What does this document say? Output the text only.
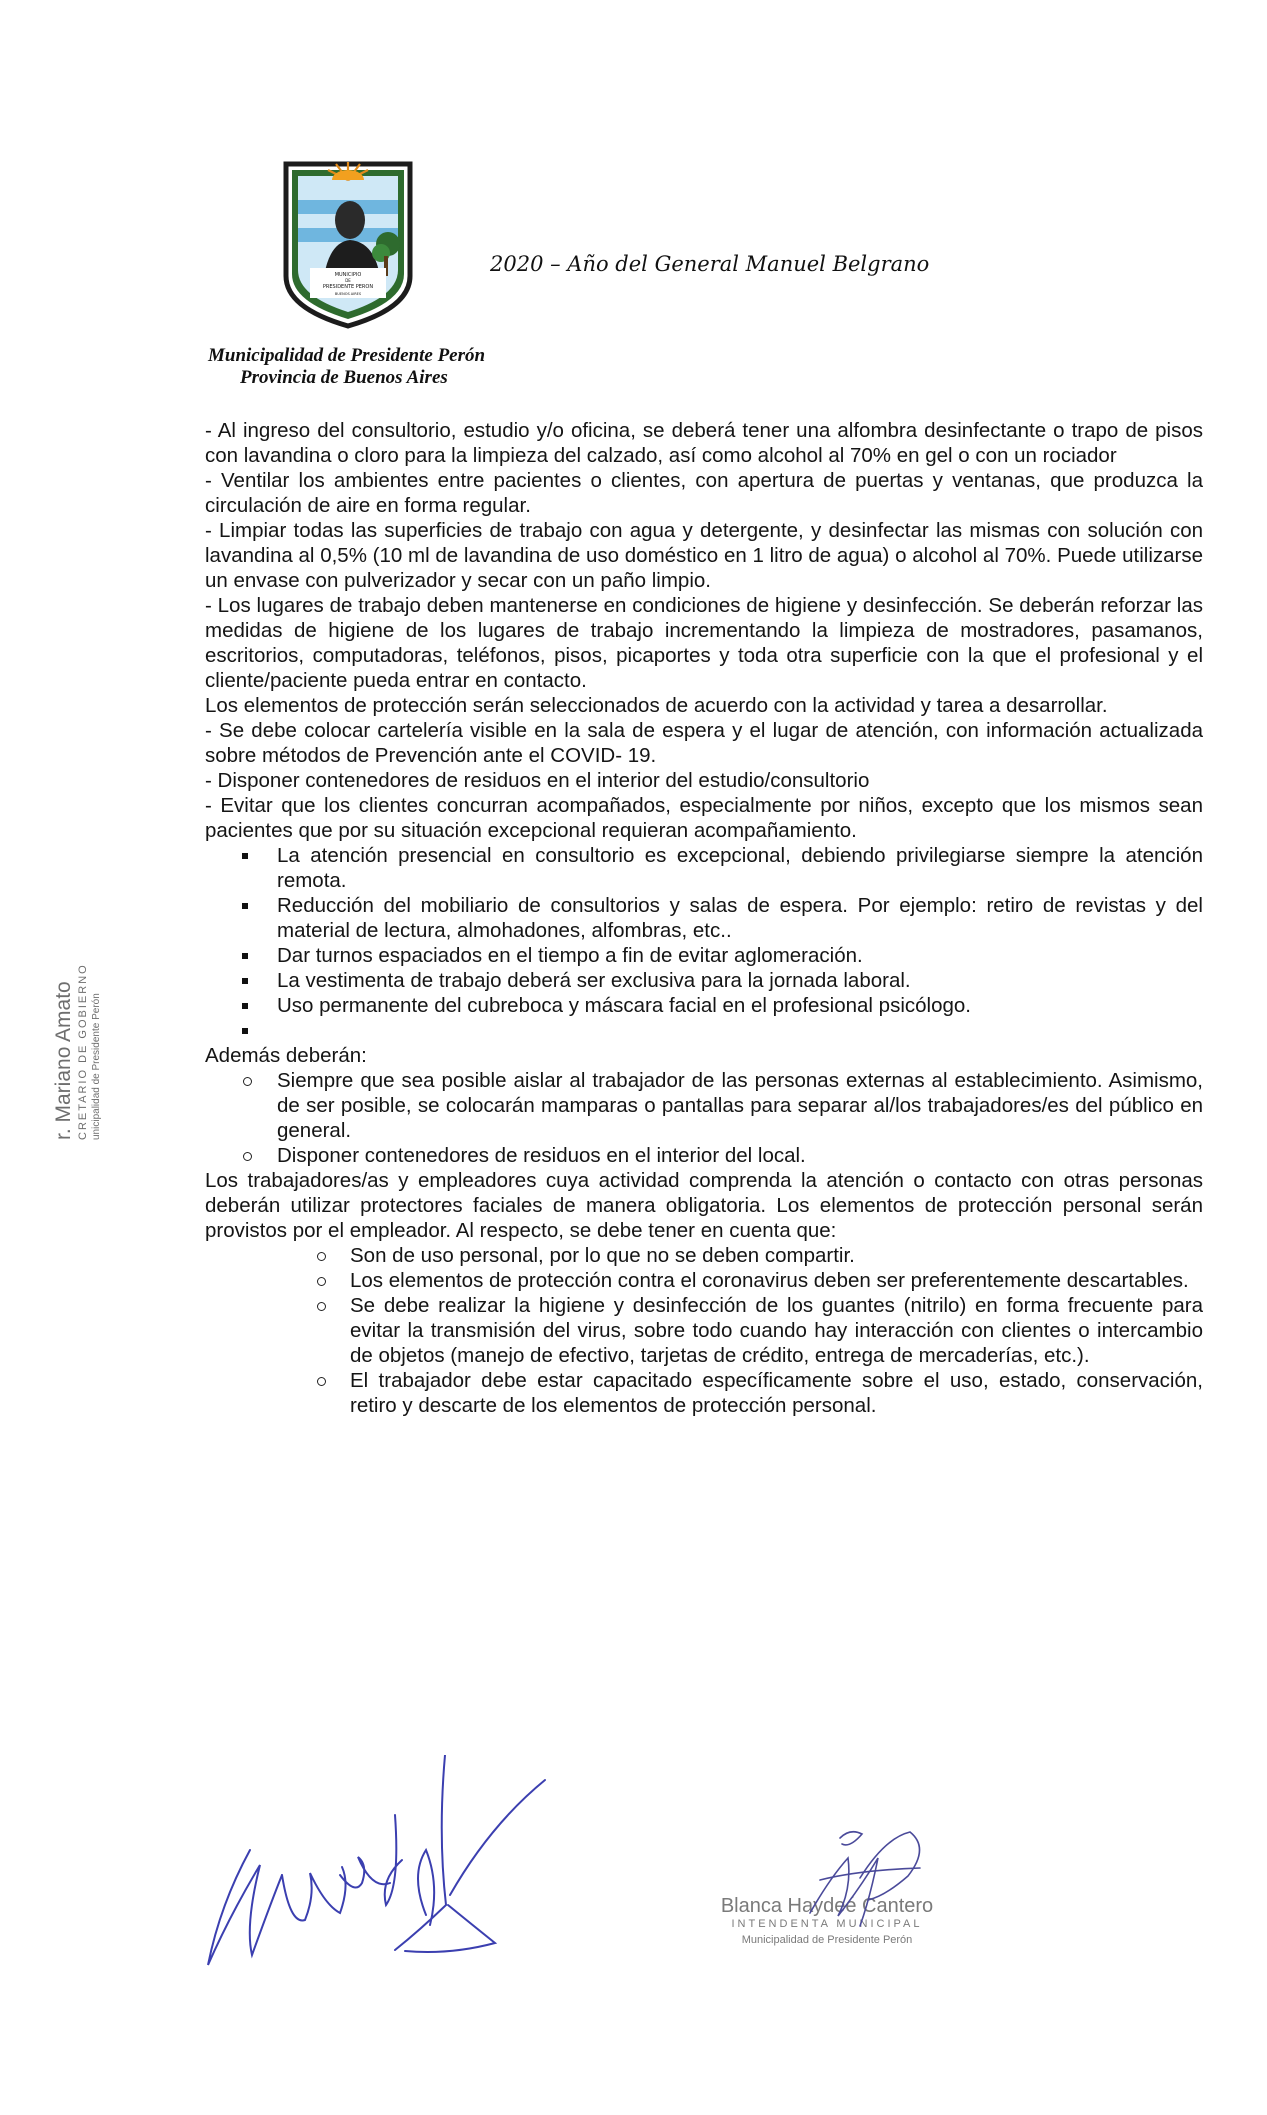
MUNICIPIO
DE
PRESIDENTE PERON
BUENOS AIRES
2020 – Año del General Manuel Belgrano
Municipalidad de Presidente Perón
Provincia de Buenos Aires

- Al ingreso del consultorio, estudio y/o oficina, se deberá tener una alfombra desinfectante o trapo de pisos con lavandina o cloro para la limpieza del calzado, así como alcohol al 70% en gel o con un rociador

- Ventilar los ambientes entre pacientes o clientes, con apertura de puertas y ventanas, que produzca la circulación de aire en forma regular.

- Limpiar todas las superficies de trabajo con agua y detergente, y desinfectar las mismas con solución con lavandina al 0,5% (10 ml de lavandina de uso doméstico en 1 litro de agua) o alcohol al 70%. Puede utilizarse un envase con pulverizador y secar con un paño limpio.

- Los lugares de trabajo deben mantenerse en condiciones de higiene y desinfección. Se deberán reforzar las medidas de higiene de los lugares de trabajo incrementando la limpieza de mostradores, pasamanos, escritorios, computadoras, teléfonos, pisos, picaportes y toda otra superficie con la que el profesional y el cliente/paciente pueda entrar en contacto.

Los elementos de protección serán seleccionados de acuerdo con la actividad y tarea a desarrollar.

- Se debe colocar cartelería visible en la sala de espera y el lugar de atención, con información actualizada sobre métodos de Prevención ante el COVID- 19.

- Disponer contenedores de residuos en el interior del estudio/consultorio

- Evitar que los clientes concurran acompañados, especialmente por niños, excepto que los mismos sean pacientes que por su situación excepcional requieran acompañamiento.

La atención presencial en consultorio es excepcional, debiendo privilegiarse siempre la atención remota.
Reducción del mobiliario de consultorios y salas de espera. Por ejemplo: retiro de revistas y del material de lectura, almohadones, alfombras, etc..
Dar turnos espaciados en el tiempo a fin de evitar aglomeración.
La vestimenta de trabajo deberá ser exclusiva para la jornada laboral.
Uso permanente del cubreboca y máscara facial en el profesional psicólogo.

Además deberán:

Siempre que sea posible aislar al trabajador de las personas externas al establecimiento. Asimismo, de ser posible, se colocarán mamparas o pantallas para separar al/los trabajadores/es del público en general.
Disponer contenedores de residuos en el interior del local.

Los trabajadores/as y empleadores cuya actividad comprenda la atención o contacto con otras personas deberán utilizar protectores faciales de manera obligatoria. Los elementos de protección personal serán provistos por el empleador. Al respecto, se debe tener en cuenta que:

Son de uso personal, por lo que no se deben compartir.
Los elementos de protección contra el coronavirus deben ser preferentemente descartables.
Se debe realizar la higiene y desinfección de los guantes (nitrilo) en forma frecuente para evitar la transmisión del virus, sobre todo cuando hay interacción con clientes o intercambio de objetos (manejo de efectivo, tarjetas de crédito, entrega de mercaderías, etc.).
El trabajador debe estar capacitado específicamente sobre el uso, estado, conservación, retiro y descarte de los elementos de protección personal.
r. Mariano Amato CRETARIO DE GOBIERNO unicipalidad de Presidente Perón
Blanca Haydeé Cantero
INTENDENTA MUNICIPAL
Municipalidad de Presidente Perón
